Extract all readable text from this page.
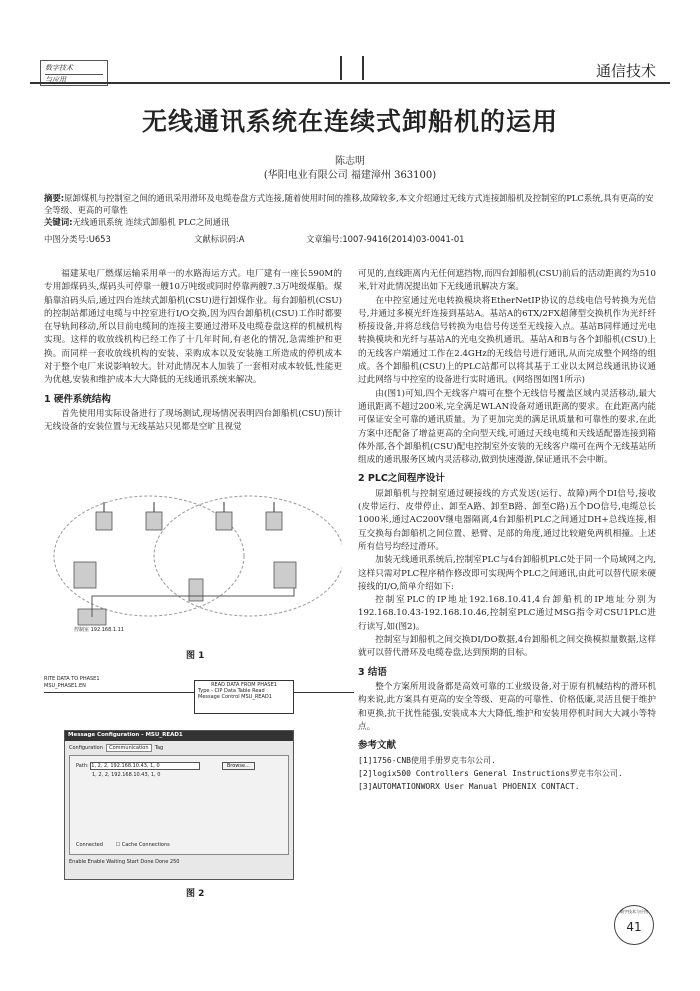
数字技术
与应用	通信技术
无线通讯系统在连续式卸船机的运用
陈志明
(华阳电业有限公司 福建漳州 363100)
摘要:原卸煤机与控制室之间的通讯采用滑环及电缆卷盘方式连接,随着使用时间的推移,故障较多,本文介绍通过无线方式连接卸船机及控制室的PLC系统,具有更高的安全等级、更高的可靠性
关键词:无线通讯系统 连续式卸船机 PLC之间通讯
中图分类号:U653	文献标识码:A	文章编号:1007-9416(2014)03-0041-01

福建某电厂燃煤运输采用单一的水路海运方式。电厂建有一座长590M的专用卸煤码头,煤码头可停靠一艘10万吨级或同时停靠两艘7.3万吨级煤船。煤船靠泊码头后,通过四台连续式卸船机(CSU)进行卸煤作业。每台卸船机(CSU)的控制站都通过电缆与中控室进行I/O交换,因为四台卸船机(CSU)工作时都要在导轨间移动,所以目前电缆间的连接主要通过滑环及电缆卷盘这样的机械机构实现。这样的收放线机构已经工作了十几年时间,有老化的情况,急需维护和更换。而同样一套收放线机构的安装、采购成本以及安装施工所造成的停机成本对于整个电厂来说影响较大。针对此情况本人加装了一套相对成本较低,性能更为优越,安装和维护成本大大降低的无线通讯系统来解决。

1 硬件系统结构

首先使用用实际设备进行了现场测试,现场情况表明四台卸船机(CSU)预计无线设备的安装位置与无线基站只见都是空旷且视觉

控制室 192.168.1.11
图 1
RITE DATA TO PHASE1
MSU_PHASE1.EN	READ DATA FROM PHASE1
Type - CIP Data Table Read
Message Control MSU_READ1
Message Configuration - MSU_READ1
Configuration Communication Tag
Path: 1, 2, 2, 192.168.10.43, 1, 0	Browse...
1, 2, 2, 192.168.10.43, 1, 0
Connected        ☐ Cache Connections
Enable Enable Waiting Start Done Done 250
图 2

可见的,直线距离内无任何遮挡物,而四台卸船机(CSU)前后的活动距离约为510米,针对此情况提出如下无线通讯解决方案。

在中控室通过光电转换模块将EtherNetIP协议的总线电信号转换为光信号,并通过多模光纤连接到基站A。基站A的6TX/2FX超薄型交换机作为光纤纤桥接设备,并将总线信号转换为电信号传送至无线接入点。基站B同样通过光电转换模块和光纤与基站A的光电交换机通讯。基站A和B与各个卸船机(CSU)上的无线客户端通过工作在2.4GHz的无线信号进行通讯,从而完成整个网络的组成。各个卸船机(CSU)上的PLC站都可以将其基于工业以太网总线通讯协议通过此网络与中控室的设备进行实时通讯。(网络图如图1所示)

由(图1)可知,四个无线客户端可在整个无线信号覆盖区域内灵活移动,最大通讯距离不超过200米,完全满足WLAN设备对通讯距离的要求。在此距离内能可保证安全可靠的通讯质量。为了更加完美的满足讯质量和可靠性的要求,在此方案中还配备了增益更高的全向型天线,可通过天线电缆和天线适配器连接到箱体外部,各个卸船机(CSU)配电控制室外安装的无线客户端可在两个无线基站所组成的通讯服务区域内灵活移动,做到快速漫游,保证通讯不会中断。

2 PLC之间程序设计

原卸船机与控制室通过硬接线的方式发送(运行、故障)两个DI信号,接收(皮带运行、皮带停止、卸至A路、卸至B路、卸至C路)五个DO信号,电缆总长1000米,通过AC200V继电器隔离,4台卸船机PLC之间通过DH+总线连接,相互交换每台卸船机之间位置、悬臂、足部的角度,通过比较避免两机相撞。上述所有信号均经过滑环。

加装无线通讯系统后,控制室PLC与4台卸船机PLC处于同一个局域网之内,这样只需对PLC程序稍作修改即可实现两个PLC之间通讯,由此可以替代原来硬接线的I/O,简单介绍如下:

控制室PLC的IP地址192.168.10.41,4台卸船机的IP地址分别为192.168.10.43-192.168.10.46,控制室PLC通过MSG指令对CSU1PLC进行读写,如(图2)。

控制室与卸船机之间交换DI/DO数据,4台卸船机之间交换模拟量数据,这样就可以替代滑环及电缆卷盘,达到预期的目标。

3 结语

整个方案所用设备都是高效可靠的工业级设备,对于原有机械结构的滑环机构来说,此方案具有更高的安全等级、更高的可靠性、价格低廉,灵活且便于维护和更换,抗干扰性能强,安装成本大大降低,维护和安装用停机时间大大减小等特点。

参考文献
[1]1756-CNB使用手册罗克韦尔公司.
[2]logix500 Controllers General Instructions罗克韦尔公司.
[3]AUTOMATIONWORX User Manual PHOENIX CONTACT.
数字技术与应用
41
